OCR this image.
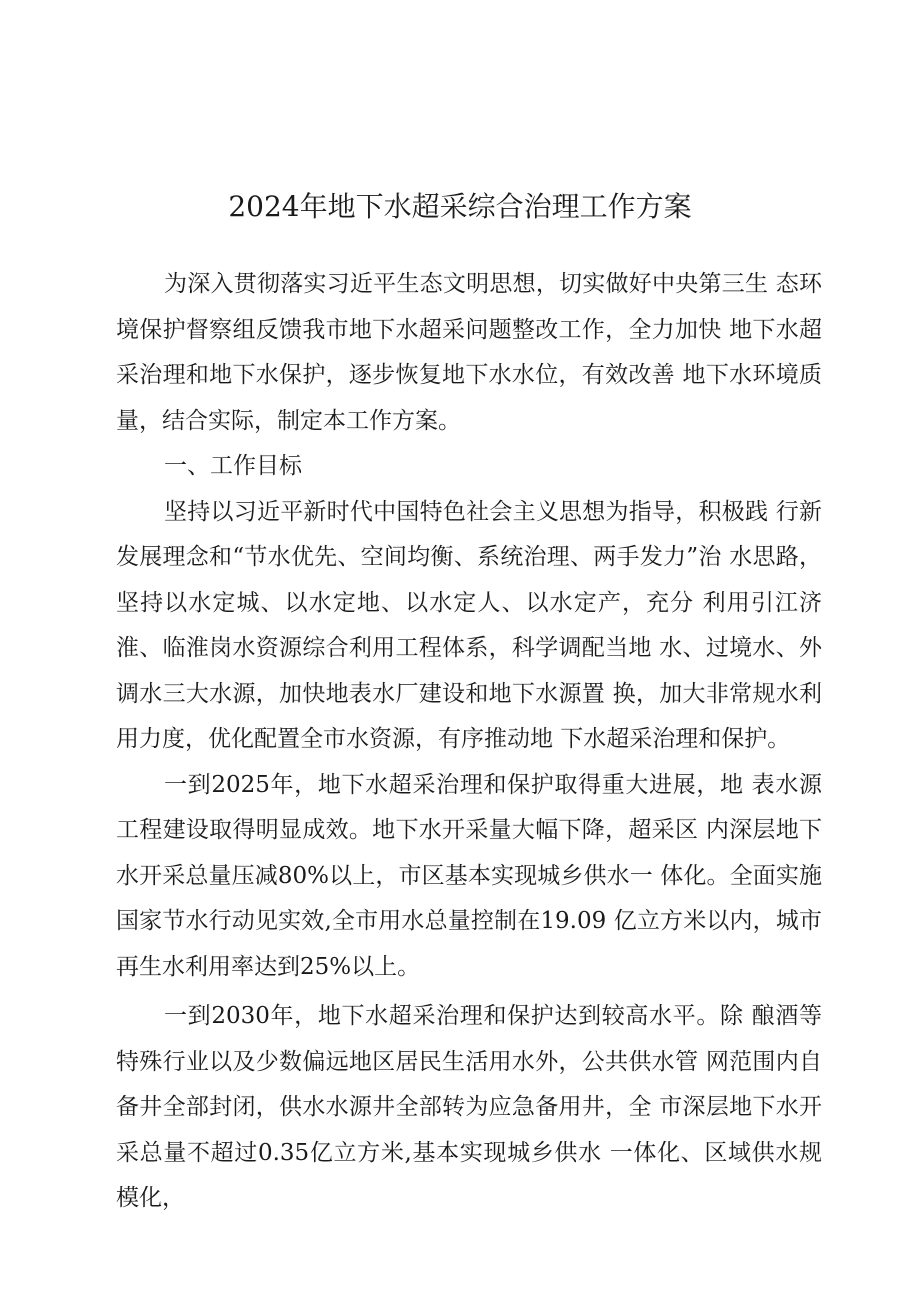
2024年地下水超采综合治理工作方案

为深入贯彻落实习近平生态文明思想，切实做好中央第三生 态环境保护督察组反馈我市地下水超采问题整改工作，全力加快 地下水超采治理和地下水保护，逐步恢复地下水水位，有效改善 地下水环境质量，结合实际，制定本工作方案。

一、工作目标

坚持以习近平新时代中国特色社会主义思想为指导，积极践 行新发展理念和“节水优先、空间均衡、系统治理、两手发力”治 水思路，坚持以水定城、以水定地、以水定人、以水定产，充分 利用引江济淮、临淮岗水资源综合利用工程体系，科学调配当地 水、过境水、外调水三大水源，加快地表水厂建设和地下水源置 换，加大非常规水利用力度，优化配置全市水资源，有序推动地 下水超采治理和保护。

一到2025年，地下水超采治理和保护取得重大进展，地 表水源工程建设取得明显成效。地下水开采量大幅下降，超采区 内深层地下水开采总量压减80%以上，市区基本实现城乡供水一 体化。全面实施国家节水行动见实效,全市用水总量控制在19.09 亿立方米以内，城市再生水利用率达到25%以上。

一到2030年，地下水超采治理和保护达到较高水平。除 酿酒等特殊行业以及少数偏远地区居民生活用水外，公共供水管 网范围内自备井全部封闭，供水水源井全部转为应急备用井，全 市深层地下水开采总量不超过0.35亿立方米,基本实现城乡供水 一体化、区域供水规模化，
